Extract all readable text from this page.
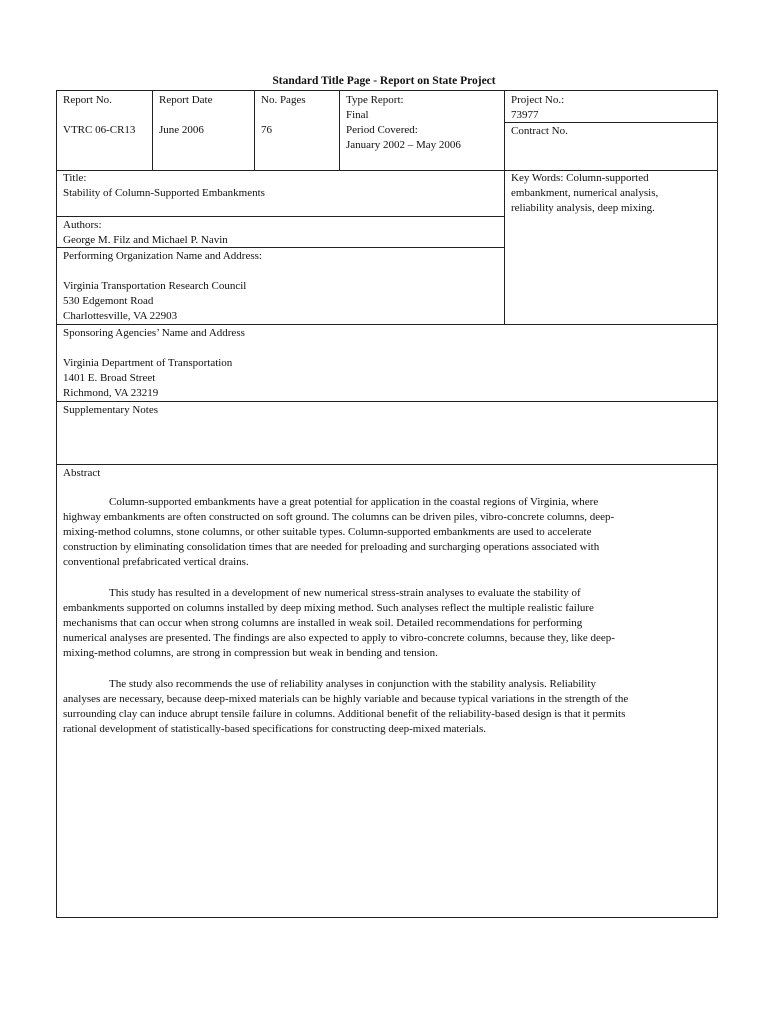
Standard Title Page - Report on State Project
Report No.
VTRC 06-CR13
Report Date
June 2006
No. Pages
76
Type Report:
Final
Period Covered:
January 2002 – May 2006
Project No.:
73977
Contract No.
Title:
Stability of Column-Supported Embankments
Key Words: Column-supported
embankment, numerical analysis,
reliability analysis, deep mixing.
Authors:
George M. Filz and Michael P. Navin
Performing Organization Name and Address:
Virginia Transportation Research Council
530 Edgemont Road
Charlottesville, VA 22903
Sponsoring Agencies’ Name and Address
Virginia Department of Transportation
1401 E. Broad Street
Richmond, VA 23219
Supplementary Notes
Abstract
Column-supported embankments have a great potential for application in the coastal regions of Virginia, where
highway embankments are often constructed on soft ground. The columns can be driven piles, vibro-concrete columns, deep-
mixing-method columns, stone columns, or other suitable types. Column-supported embankments are used to accelerate
construction by eliminating consolidation times that are needed for preloading and surcharging operations associated with
conventional prefabricated vertical drains.
This study has resulted in a development of new numerical stress-strain analyses to evaluate the stability of
embankments supported on columns installed by deep mixing method. Such analyses reflect the multiple realistic failure
mechanisms that can occur when strong columns are installed in weak soil. Detailed recommendations for performing
numerical analyses are presented. The findings are also expected to apply to vibro-concrete columns, because they, like deep-
mixing-method columns, are strong in compression but weak in bending and tension.
The study also recommends the use of reliability analyses in conjunction with the stability analysis. Reliability
analyses are necessary, because deep-mixed materials can be highly variable and because typical variations in the strength of the
surrounding clay can induce abrupt tensile failure in columns. Additional benefit of the reliability-based design is that it permits
rational development of statistically-based specifications for constructing deep-mixed materials.
